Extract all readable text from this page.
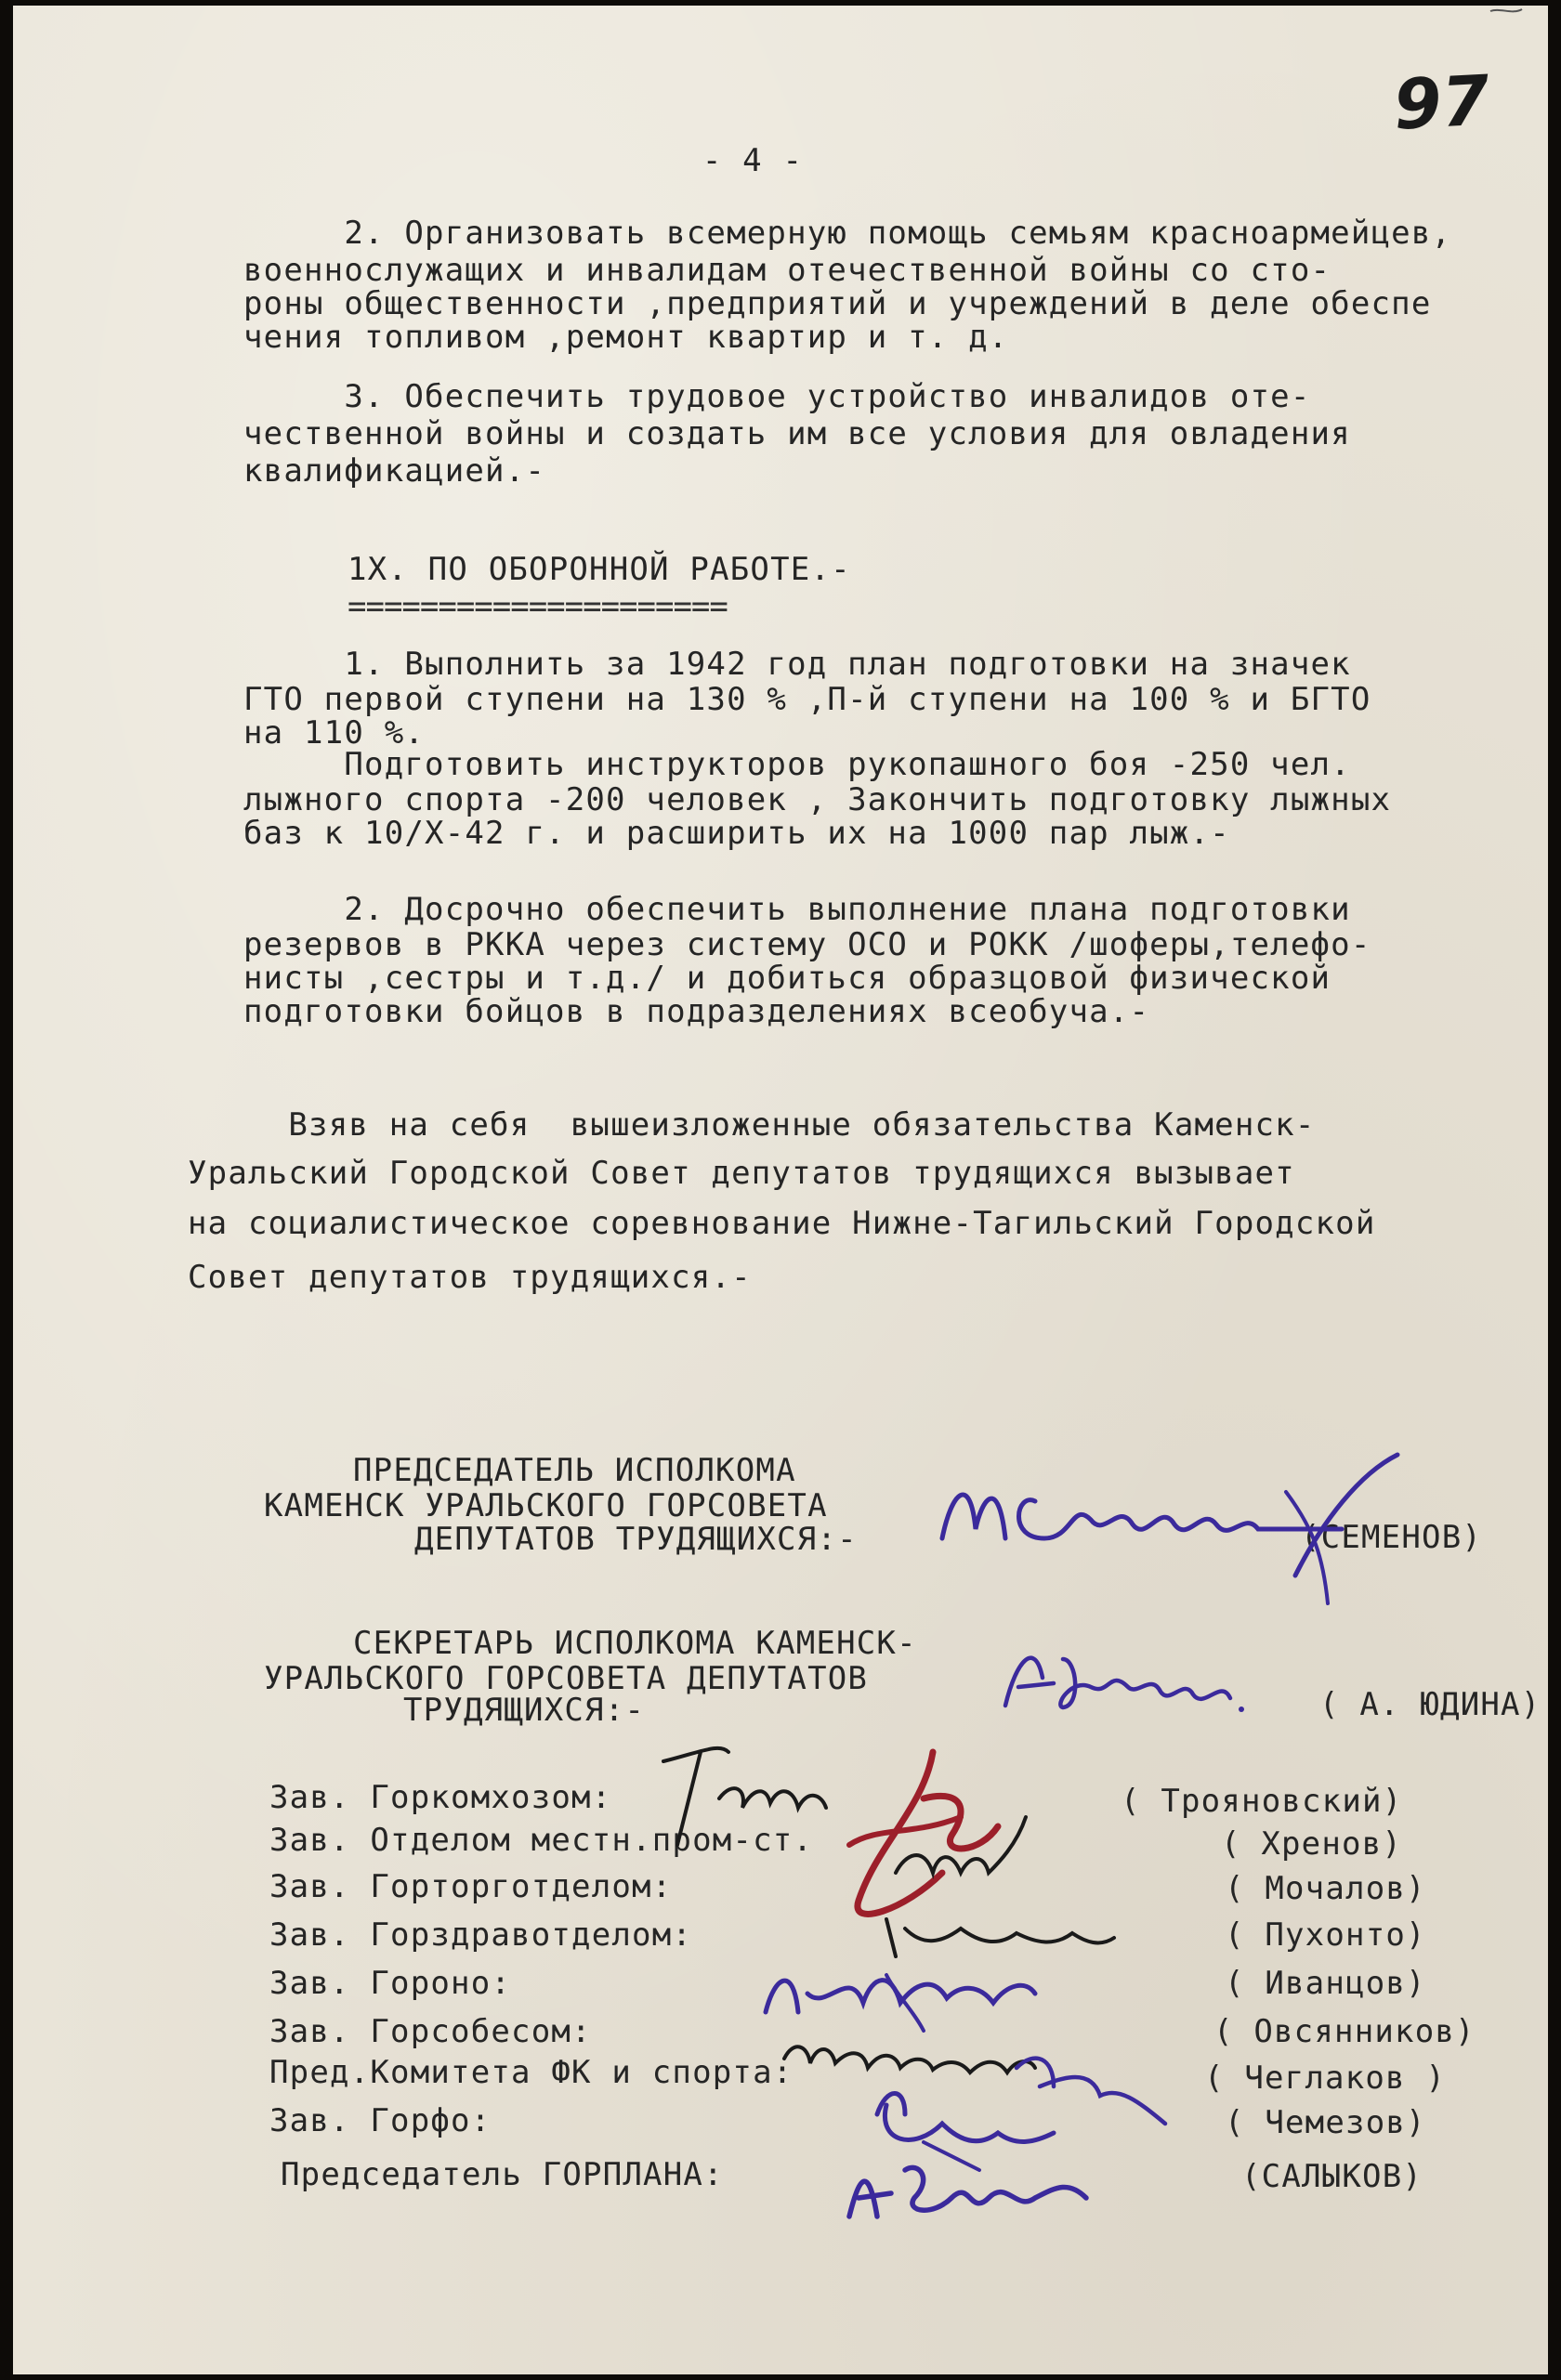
97

- 4 -

2. Организовать всемерную помощь семьям красноармейцев,

военнослужащих и инвалидам отечественной войны со сто-

роны общественности ,предприятий и учреждений в деле обеспе

чения топливом ,ремонт квартир и т. д.

3. Обеспечить трудовое устройство инвалидов оте-

чественной войны и создать им все условия для овладения

квалификацией.-

1Х. ПО ОБОРОННОЙ РАБОТЕ.-

=====================

1. Выполнить за 1942 год план подготовки на значек

ГТО первой ступени на 130 % ,П-й ступени на 100 % и БГТО

на 110 %.

Подготовить инструкторов рукопашного боя -250 чел.

лыжного спорта -200 человек , Закончить подготовку лыжных

баз к 10/Х-42 г. и расширить их на 1000 пар лыж.-

2. Досрочно обеспечить выполнение плана подготовки

резервов в РККА через систему ОСО и РОКК /шоферы,телефо-

нисты ,сестры и т.д./ и добиться образцовой физической

подготовки бойцов в подразделениях всеобуча.-

Взяв на себя  вышеизложенные обязательства Каменск-

Уральский Городской Совет депутатов трудящихся вызывает

на социалистическое соревнование Нижне-Тагильский Городской

Совет депутатов трудящихся.-

ПРЕДСЕДАТЕЛЬ ИСПОЛКОМА

КАМЕНСК УРАЛЬСКОГО ГОРСОВЕТА

ДЕПУТАТОВ ТРУДЯЩИХСЯ:-	(СЕМЕНОВ)

СЕКРЕТАРЬ ИСПОЛКОМА КАМЕНСК-

УРАЛЬСКОГО ГОРСОВЕТА ДЕПУТАТОВ

ТРУДЯЩИХСЯ:-	( А. ЮДИНА)

Зав. Горкомхозом:	( Трояновский)

Зав. Отделом местн.пром-ст.	( Хренов)

Зав. Горторготделом:	( Мочалов)

Зав. Горздравотделом:	( Пухонто)

Зав. Гороно:	( Иванцов)

Зав. Горсобесом:	( Овсянников)

Пред.Комитета ФК и спорта:	( Чеглаков )

Зав. Горфо:	( Чемезов)

Председатель ГОРПЛАНА:	(САЛЫКОВ)
